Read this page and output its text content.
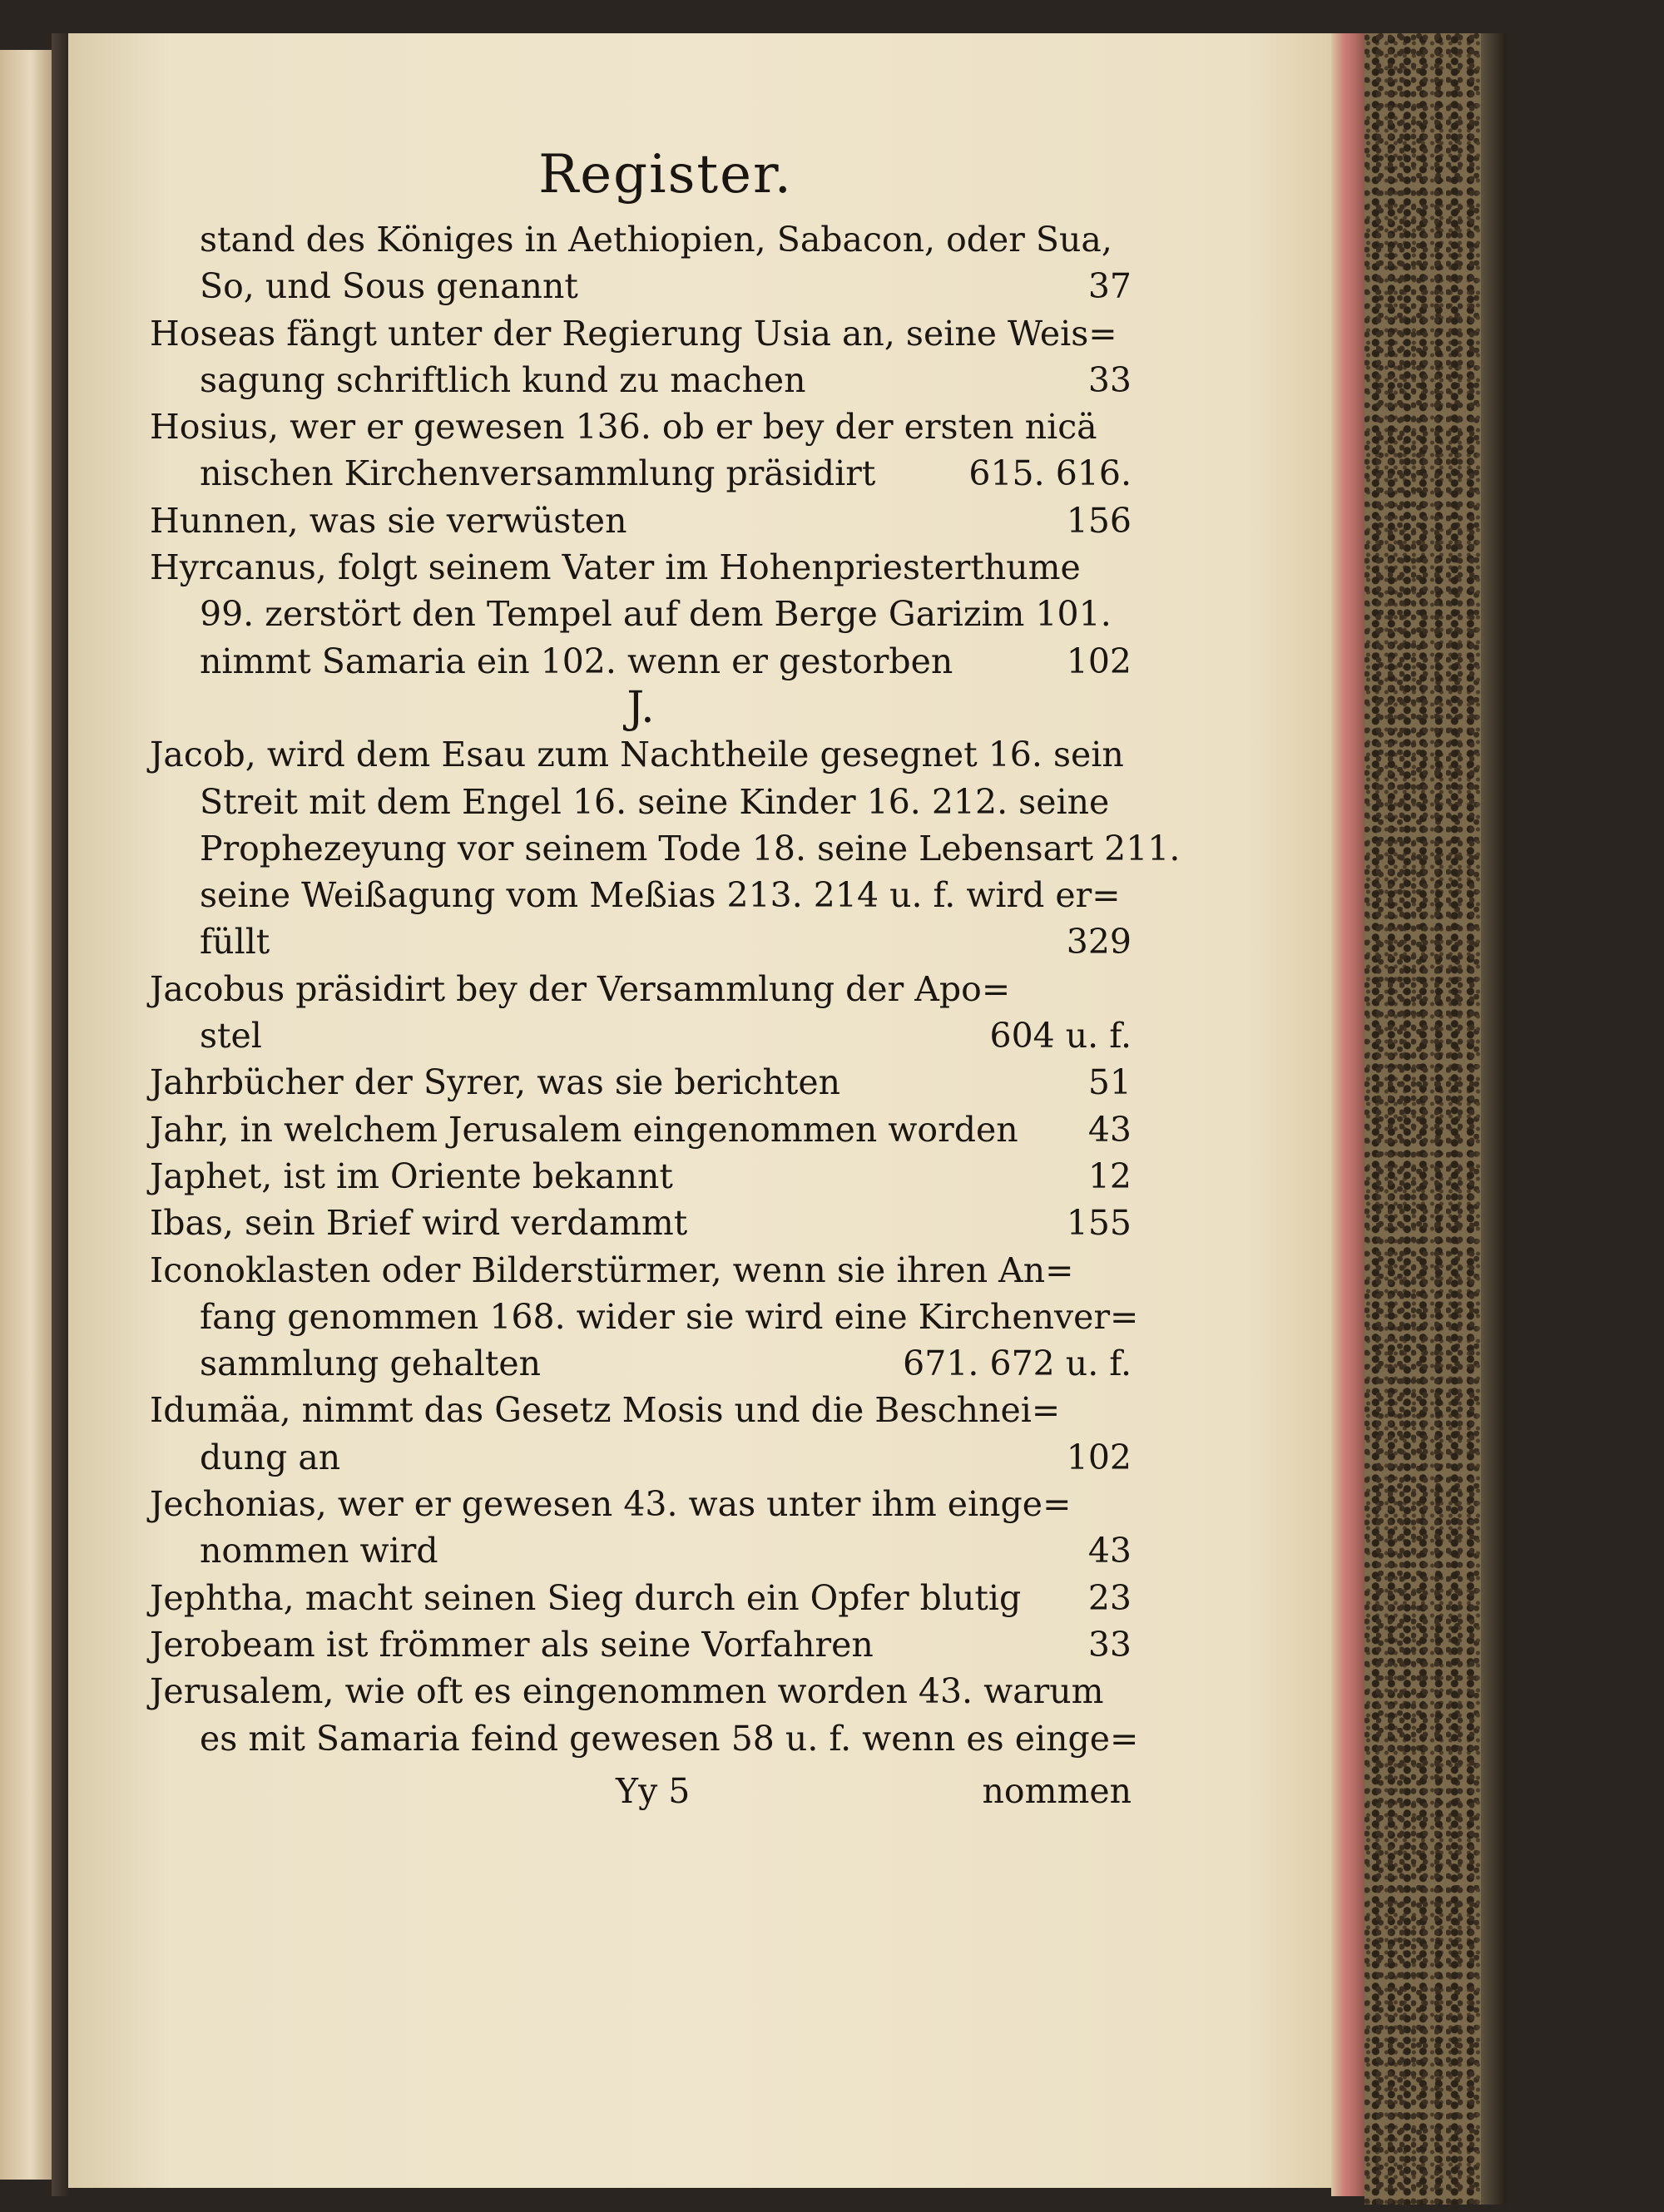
Register.
stand des Königes in Aethiopien, Sabacon, oder Sua,
So, und Sous genannt	37
Hoseas fängt unter der Regierung Usia an, seine Weis=
sagung schriftlich kund zu machen	33
Hosius, wer er gewesen 136. ob er bey der ersten nicä
nischen Kirchenversammlung präsidirt	615. 616.
Hunnen, was sie verwüsten	156
Hyrcanus, folgt seinem Vater im Hohenpriesterthume
99. zerstört den Tempel auf dem Berge Garizim 101.
nimmt Samaria ein 102. wenn er gestorben	102
J.
Jacob, wird dem Esau zum Nachtheile gesegnet 16. sein
Streit mit dem Engel 16. seine Kinder 16. 212. seine
Prophezeyung vor seinem Tode 18. seine Lebensart 211.
seine Weißagung vom Meßias 213. 214 u. f. wird er=
füllt	329
Jacobus präsidirt bey der Versammlung der Apo=
stel	604 u. f.
Jahrbücher der Syrer, was sie berichten	51
Jahr, in welchem Jerusalem eingenommen worden 43
Japhet, ist im Oriente bekannt	12
Ibas, sein Brief wird verdammt	155
Iconoklasten oder Bilderstürmer, wenn sie ihren An=
fang genommen 168. wider sie wird eine Kirchenver=
sammlung gehalten	671. 672 u. f.
Idumäa, nimmt das Gesetz Mosis und die Beschnei=
dung an	102
Jechonias, wer er gewesen 43. was unter ihm einge=
nommen wird	43
Jephtha, macht seinen Sieg durch ein Opfer blutig 23
Jerobeam ist frömmer als seine Vorfahren	33
Jerusalem, wie oft es eingenommen worden 43. warum
es mit Samaria feind gewesen 58 u. f. wenn es einge=
Yy 5	nommen
